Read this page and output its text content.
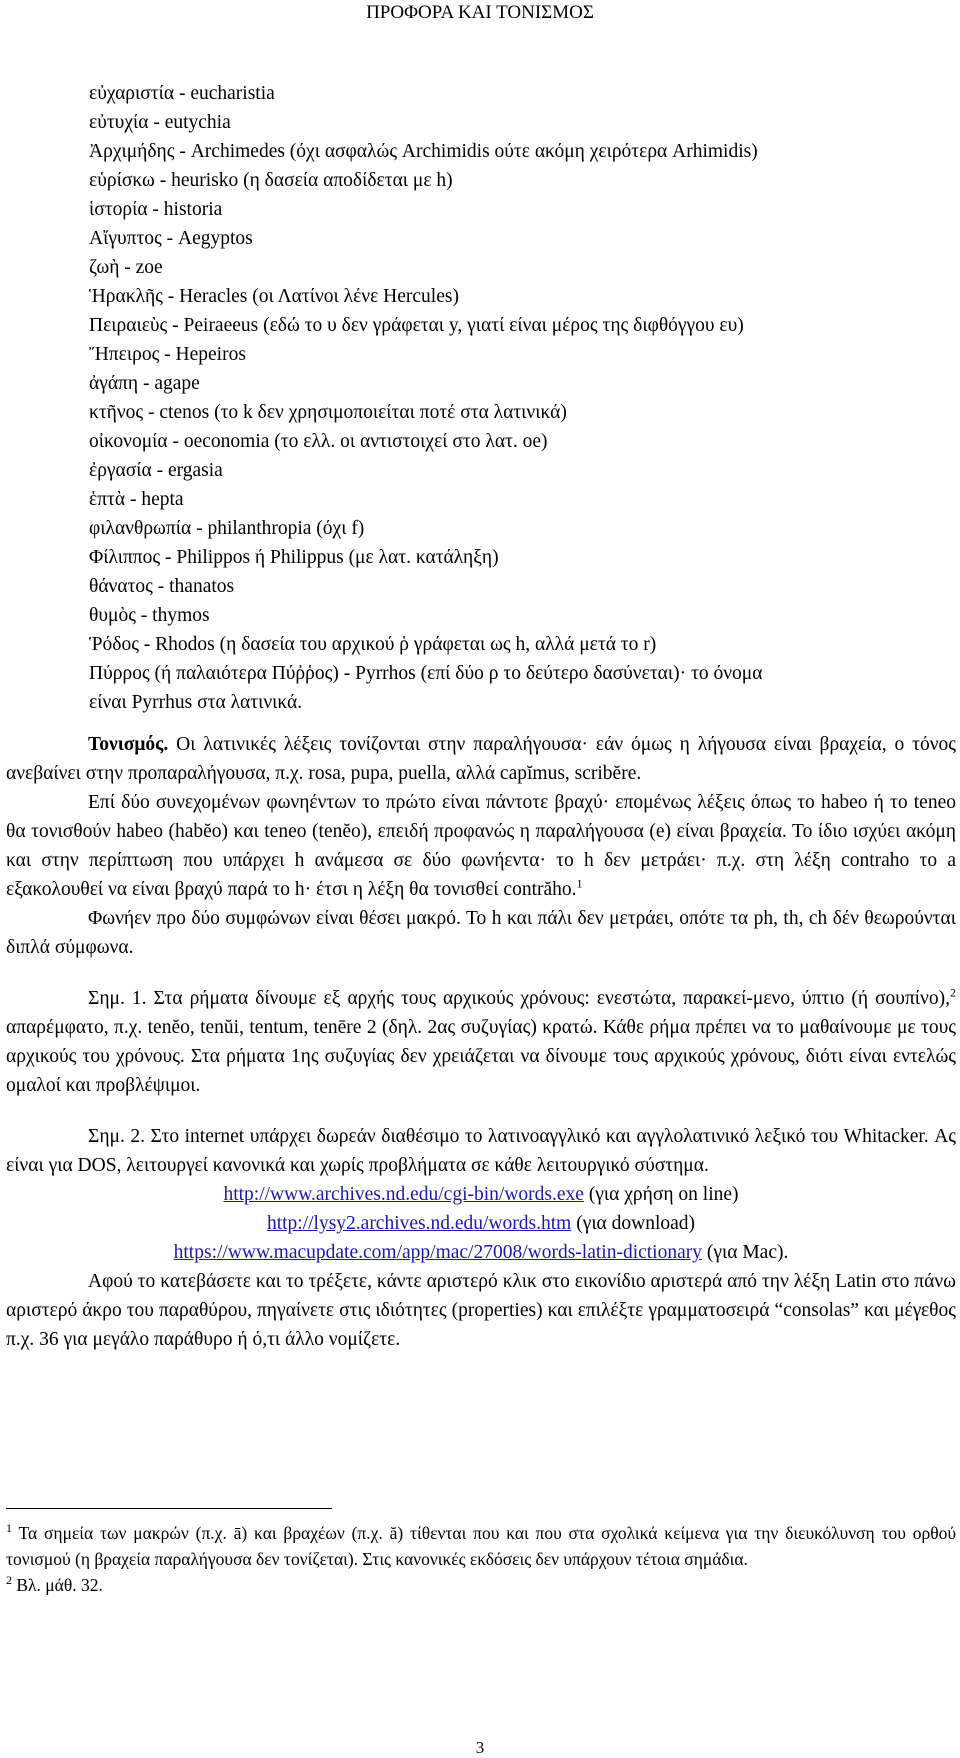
ΠΡΟΦΟΡΑ ΚΑΙ ΤΟΝΙΣΜΟΣ
εὐχαριστία - eucharistia
εὐτυχία - eutychia
Ἀρχιμήδης - Archimedes (όχι ασφαλώς Archimidis ούτε ακόμη χειρότερα Arhimidis)
εὑρίσκω - heurisko (η δασεία αποδίδεται με h)
ἱστορία - historia
Αἴγυπτος - Aegyptos
ζωὴ - zoe
Ἡρακλῆς - Heracles (οι Λατίνοι λένε Hercules)
Πειραιεὺς - Peiraeeus (εδώ το υ δεν γράφεται y, γιατί είναι μέρος της διφθόγγου ευ)
Ἤπειρος - Hepeiros
ἀγάπη - agape
κτῆνος - ctenos (το k δεν χρησιμοποιείται ποτέ στα λατινικά)
οἰκονομία - oeconomia (το ελλ. οι αντιστοιχεί στο λατ. oe)
ἐργασία - ergasia
ἑπτὰ - hepta
φιλανθρωπία - philanthropia (όχι f)
Φίλιππος - Philippos ή Philippus (με λατ. κατάληξη)
θάνατος - thanatos
θυμὸς - thymos
Ῥόδος - Rhodos (η δασεία του αρχικού ῥ γράφεται ως h, αλλά μετά το r)
Πύρρος (ή παλαιότερα Πύῤῥος) - Pyrrhos (επί δύο ρ το δεύτερο δασύνεται)· το όνομα
είναι Pyrrhus στα λατινικά.

Τονισμός. Οι λατινικές λέξεις τονίζονται στην παραλήγουσα· εάν όμως η λήγουσα είναι βραχεία, ο τόνος ανεβαίνει στην προπαραλήγουσα, π.χ. rosa, pupa, puella, αλλά capĭmus, scribĕre.

Επί δύο συνεχομένων φωνηέντων το πρώτο είναι πάντοτε βραχύ· επομένως λέξεις όπως το habeo ή το teneo θα τονισθούν habeo (habĕo) και teneo (tenĕo), επειδή προφανώς η παραλήγουσα (e) είναι βραχεία. Το ίδιο ισχύει ακόμη και στην περίπτωση που υπάρχει h ανάμεσα σε δύο φωνήεντα· το h δεν μετράει· π.χ. στη λέξη contraho το a εξακολουθεί να είναι βραχύ παρά το h· έτσι η λέξη θα τονισθεί contrăho.$^1$

Φωνήεν προ δύο συμφώνων είναι θέσει μακρό. Το h και πάλι δεν μετράει, οπότε τα ph, th, ch δέν θεωρούνται διπλά σύμφωνα.

Σημ. 1. Στα ρήματα δίνουμε εξ αρχής τους αρχικούς χρόνους: ενεστώτα, παρακεί-μενο, ύπτιο (ή σουπίνο),$^2$ απαρέμφατο, π.χ. tenĕo, tenŭi, tentum, tenēre 2 (δηλ. 2ας συζυγίας) κρατώ. Κάθε ρήμα πρέπει να το μαθαίνουμε με τους αρχικούς του χρόνους. Στα ρήματα 1ης συζυγίας δεν χρειάζεται να δίνουμε τους αρχικούς χρόνους, διότι είναι εντελώς ομαλοί και προβλέψιμοι.

Σημ. 2. Στο internet υπάρχει δωρεάν διαθέσιμο το λατινοαγγλικό και αγγλολατινικό λεξικό του Whitacker. Ας είναι για DOS, λειτουργεί κανονικά και χωρίς προβλήματα σε κάθε λειτουργικό σύστημα.

http://www.archives.nd.edu/cgi-bin/words.exe (για χρήση on line)

http://lysy2.archives.nd.edu/words.htm (για download)

https://www.macupdate.com/app/mac/27008/words-latin-dictionary (για Mac).

Αφού το κατεβάσετε και το τρέξετε, κάντε αριστερό κλικ στο εικονίδιο αριστερά από την λέξη Latin στο πάνω αριστερό άκρο του παραθύρου, πηγαίνετε στις ιδιότητες (properties) και επιλέξτε γραμματοσειρά “consolas” και μέγεθος π.χ. 36 για μεγάλο παράθυρο ή ό,τι άλλο νομίζετε.

$^1$ Τα σημεία των μακρών (π.χ. ā) και βραχέων (π.χ. ă) τίθενται που και που στα σχολικά κείμενα για την διευκόλυνση του ορθού τονισμού (η βραχεία παραλήγουσα δεν τονίζεται). Στις κανονικές εκδόσεις δεν υπάρχουν τέτοια σημάδια.

$^2$ Βλ. μάθ. 32.

3
